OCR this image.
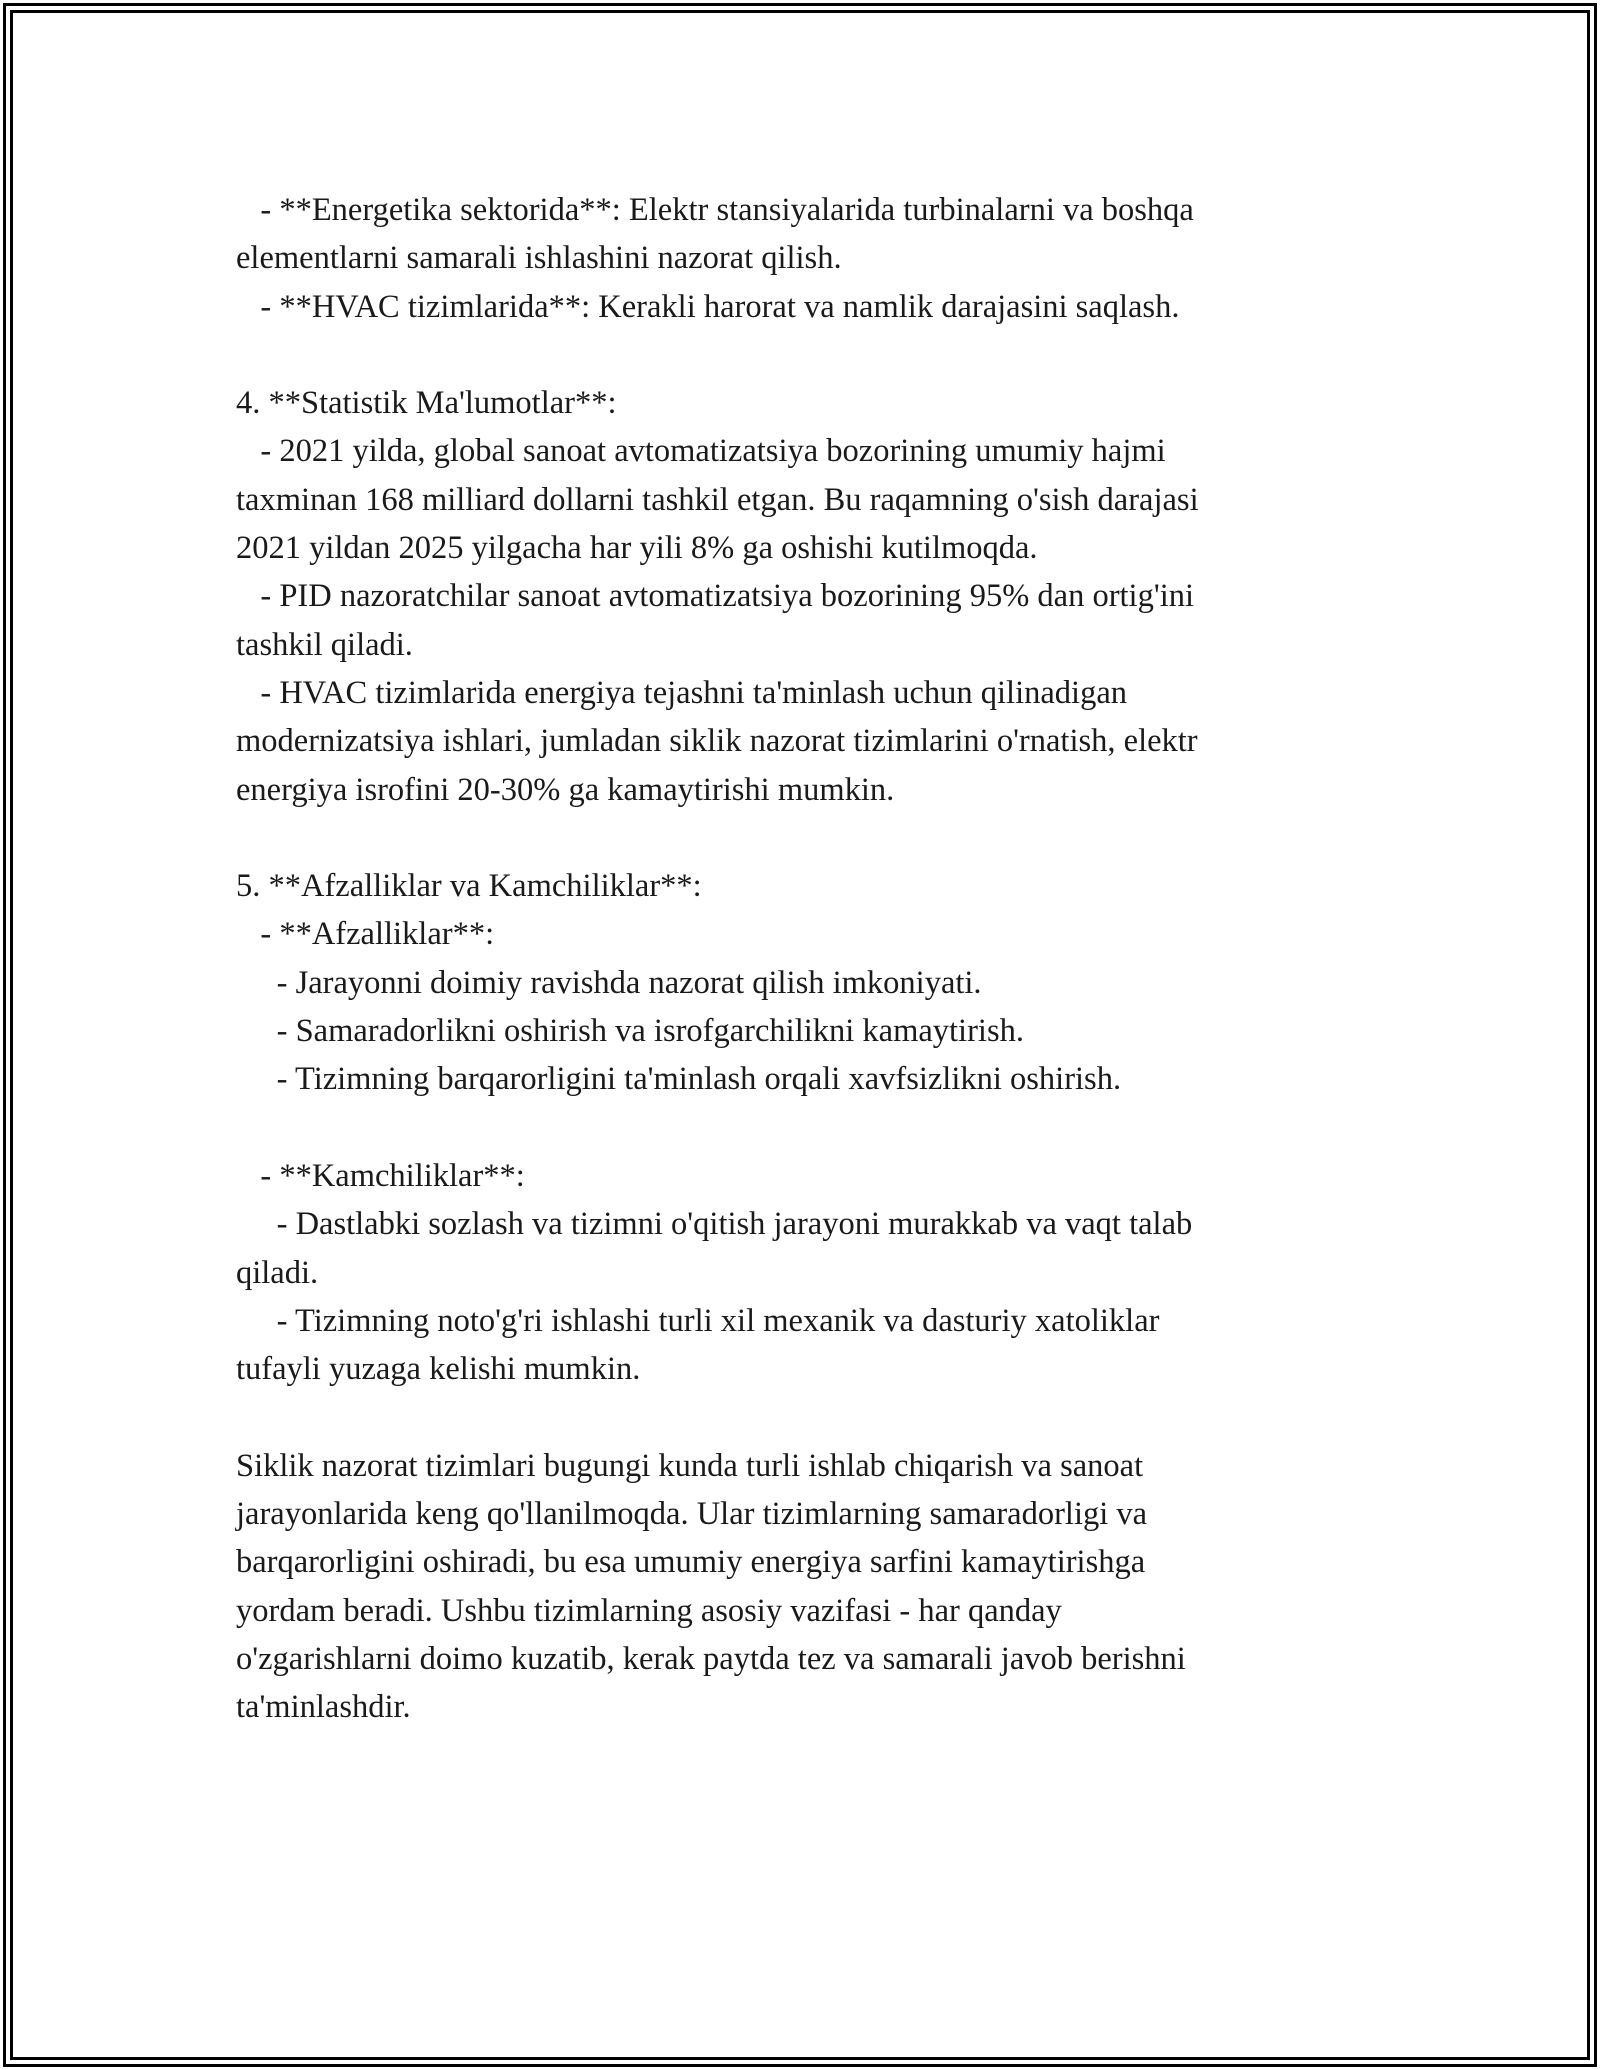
- **Energetika sektorida**: Elektr stansiyalarida turbinalarni va boshqa
elementlarni samarali ishlashini nazorat qilish.
- **HVAC tizimlarida**: Kerakli harorat va namlik darajasini saqlash.
4. **Statistik Ma'lumotlar**:
- 2021 yilda, global sanoat avtomatizatsiya bozorining umumiy hajmi
taxminan 168 milliard dollarni tashkil etgan. Bu raqamning o'sish darajasi
2021 yildan 2025 yilgacha har yili 8% ga oshishi kutilmoqda.
- PID nazoratchilar sanoat avtomatizatsiya bozorining 95% dan ortig'ini
tashkil qiladi.
- HVAC tizimlarida energiya tejashni ta'minlash uchun qilinadigan
modernizatsiya ishlari, jumladan siklik nazorat tizimlarini o'rnatish, elektr
energiya isrofini 20-30% ga kamaytirishi mumkin.
5. **Afzalliklar va Kamchiliklar**:
- **Afzalliklar**:
- Jarayonni doimiy ravishda nazorat qilish imkoniyati.
- Samaradorlikni oshirish va isrofgarchilikni kamaytirish.
- Tizimning barqarorligini ta'minlash orqali xavfsizlikni oshirish.
- **Kamchiliklar**:
- Dastlabki sozlash va tizimni o'qitish jarayoni murakkab va vaqt talab
qiladi.
- Tizimning noto'g'ri ishlashi turli xil mexanik va dasturiy xatoliklar
tufayli yuzaga kelishi mumkin.
Siklik nazorat tizimlari bugungi kunda turli ishlab chiqarish va sanoat
jarayonlarida keng qo'llanilmoqda. Ular tizimlarning samaradorligi va
barqarorligini oshiradi, bu esa umumiy energiya sarfini kamaytirishga
yordam beradi. Ushbu tizimlarning asosiy vazifasi - har qanday
o'zgarishlarni doimo kuzatib, kerak paytda tez va samarali javob berishni
ta'minlashdir.
